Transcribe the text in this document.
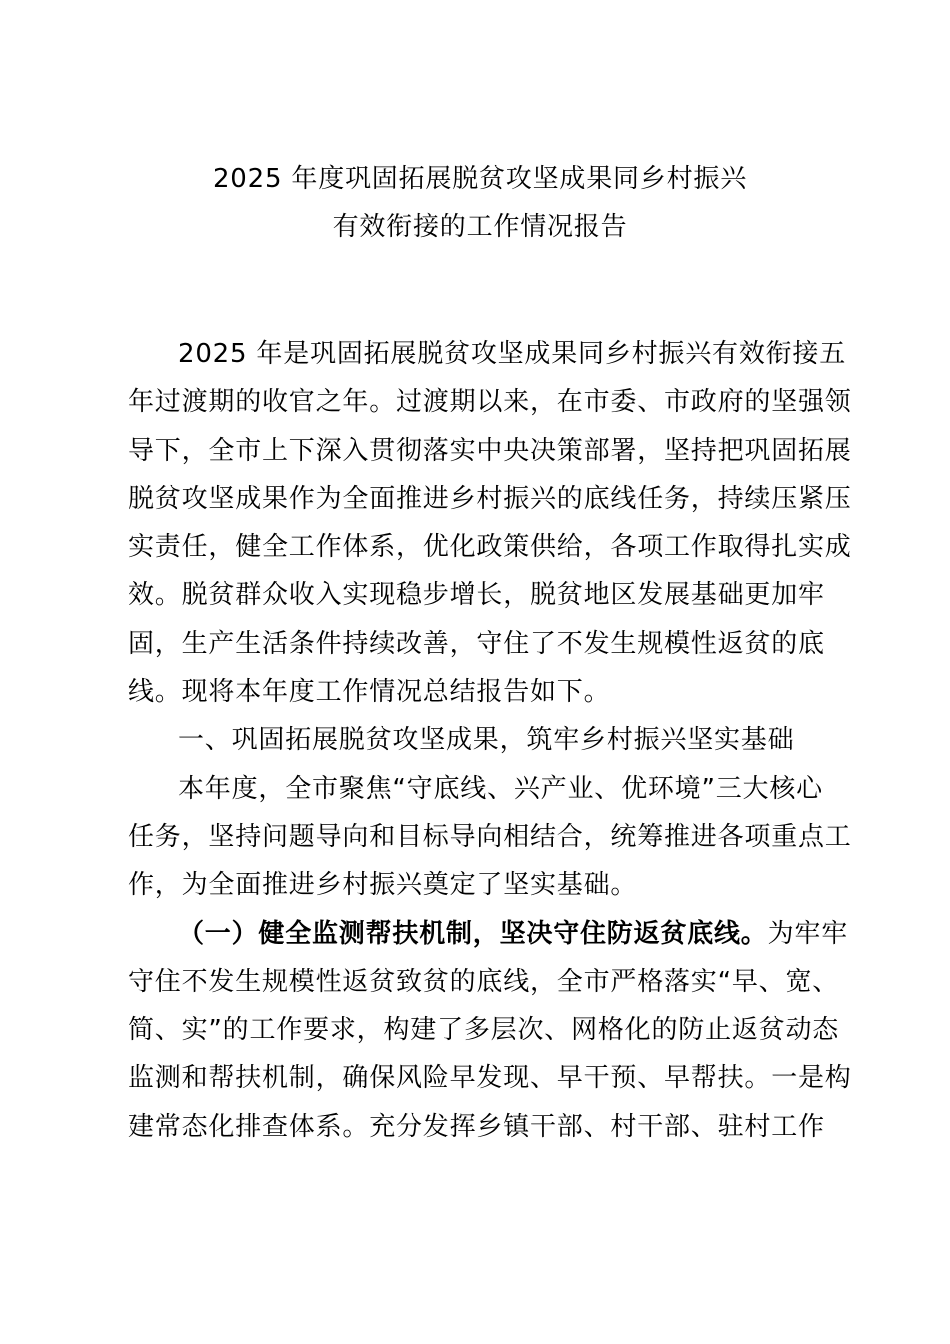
2025 年度巩固拓展脱贫攻坚成果同乡村振兴
有效衔接的工作情况报告
2025 年是巩固拓展脱贫攻坚成果同乡村振兴有效衔接五
年过渡期的收官之年。过渡期以来，在市委、市政府的坚强领
导下，全市上下深入贯彻落实中央决策部署，坚持把巩固拓展
脱贫攻坚成果作为全面推进乡村振兴的底线任务，持续压紧压
实责任，健全工作体系，优化政策供给，各项工作取得扎实成
效。脱贫群众收入实现稳步增长，脱贫地区发展基础更加牢
固，生产生活条件持续改善，守住了不发生规模性返贫的底
线。现将本年度工作情况总结报告如下。
一、巩固拓展脱贫攻坚成果，筑牢乡村振兴坚实基础
本年度，全市聚焦“守底线、兴产业、优环境”三大核心
任务，坚持问题导向和目标导向相结合，统筹推进各项重点工
作，为全面推进乡村振兴奠定了坚实基础。
（一）健全监测帮扶机制，坚决守住防返贫底线。为牢牢
守住不发生规模性返贫致贫的底线，全市严格落实“早、宽、
简、实”的工作要求，构建了多层次、网格化的防止返贫动态
监测和帮扶机制，确保风险早发现、早干预、早帮扶。一是构
建常态化排查体系。充分发挥乡镇干部、村干部、驻村工作
